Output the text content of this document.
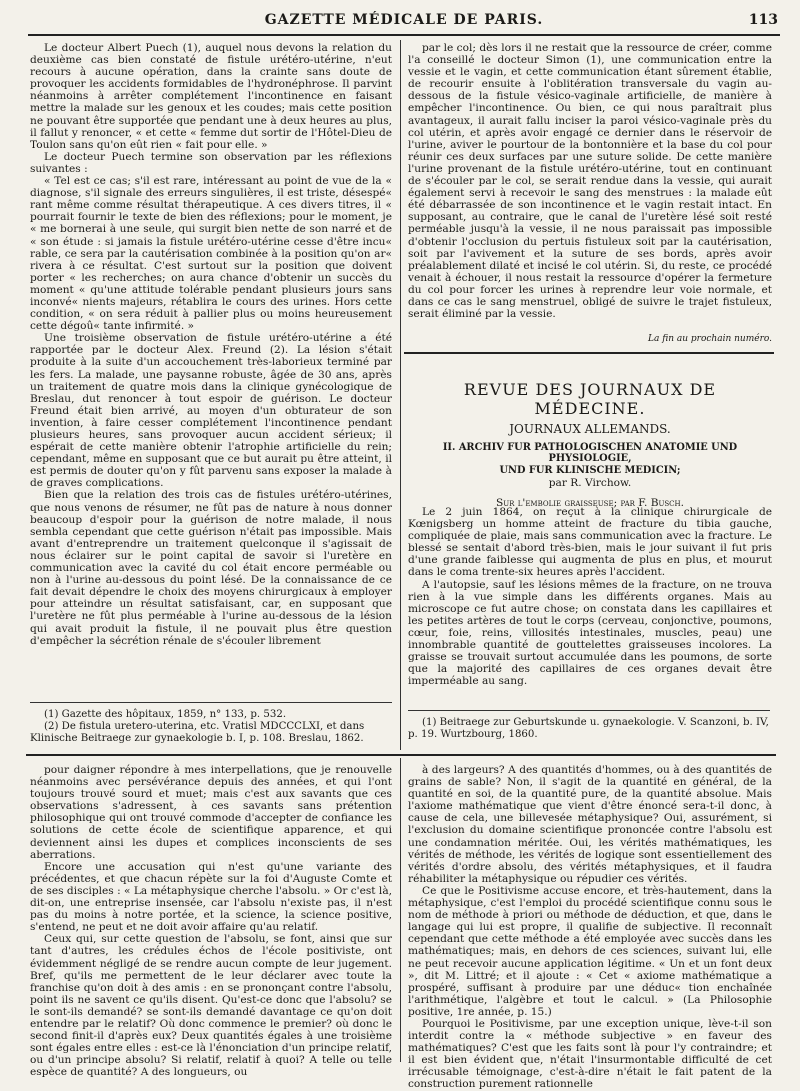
GAZETTE MÉDICALE DE PARIS.	113

Le docteur Albert Puech (1), auquel nous devons la relation du deuxième cas bien constaté de fistule urétéro-utérine, n'eut recours à aucune opération, dans la crainte sans doute de provoquer les accidents formidables de l'hydronéphrose. Il parvint néanmoins à arrêter complétement l'incontinence en faisant mettre la malade sur les genoux et les coudes; mais cette position ne pouvant être supportée que pendant une à deux heures au plus, il fallut y renoncer, « et cette « femme dut sortir de l'Hôtel-Dieu de Toulon sans qu'on eût rien « fait pour elle. »

Le docteur Puech termine son observation par les réflexions suivantes :

« Tel est ce cas; s'il est rare, intéressant au point de vue de la « diagnose, s'il signale des erreurs singulières, il est triste, désespé« rant même comme résultat thérapeutique. A ces divers titres, il « pourrait fournir le texte de bien des réflexions; pour le moment, je « me bornerai à une seule, qui surgit bien nette de son narré et de « son étude : si jamais la fistule urétéro-utérine cesse d'être incu« rable, ce sera par la cautérisation combinée à la position qu'on ar« rivera à ce résultat. C'est surtout sur la position que doivent porter « les recherches; on aura chance d'obtenir un succès du moment « qu'une attitude tolérable pendant plusieurs jours sans inconvé« nients majeurs, rétablira le cours des urines. Hors cette condition, « on sera réduit à pallier plus ou moins heureusement cette dégoû« tante infirmité. »

Une troisième observation de fistule urétéro-utérine a été rapportée par le docteur Alex. Freund (2). La lésion s'était produite à la suite d'un accouchement très-laborieux terminé par les fers. La malade, une paysanne robuste, âgée de 30 ans, après un traitement de quatre mois dans la clinique gynécologique de Breslau, dut renoncer à tout espoir de guérison. Le docteur Freund était bien arrivé, au moyen d'un obturateur de son invention, à faire cesser complétement l'incontinence pendant plusieurs heures, sans provoquer aucun accident sérieux; il espérait de cette manière obtenir l'atrophie artificielle du rein; cependant, même en supposant que ce but aurait pu être atteint, il est permis de douter qu'on y fût parvenu sans exposer la malade à de graves complications.

Bien que la relation des trois cas de fistules urétéro-utérines, que nous venons de résumer, ne fût pas de nature à nous donner beaucoup d'espoir pour la guérison de notre malade, il nous sembla cependant que cette guérison n'était pas impossible. Mais avant d'entreprendre un traitement quelconque il s'agissait de nous éclairer sur le point capital de savoir si l'uretère en communication avec la cavité du col était encore perméable ou non à l'urine au-dessous du point lésé. De la connaissance de ce fait devait dépendre le choix des moyens chirurgicaux à employer pour atteindre un résultat satisfaisant, car, en supposant que l'uretère ne fût plus perméable à l'urine au-dessous de la lésion qui avait produit la fistule, il ne pouvait plus être question d'empêcher la sécrétion rénale de s'écouler librement

par le col; dès lors il ne restait que la ressource de créer, comme l'a conseillé le docteur Simon (1), une communication entre la vessie et le vagin, et cette communication étant sûrement établie, de recourir ensuite à l'oblitération transversale du vagin au-dessous de la fistule vésico-vaginale artificielle, de manière à empêcher l'incontinence. Ou bien, ce qui nous paraîtrait plus avantageux, il aurait fallu inciser la paroi vésico-vaginale près du col utérin, et après avoir engagé ce dernier dans le réservoir de l'urine, aviver le pourtour de la bontonnière et la base du col pour réunir ces deux surfaces par une suture solide. De cette manière l'urine provenant de la fistule urétéro-utérine, tout en continuant de s'écouler par le col, se serait rendue dans la vessie, qui aurait également servi à recevoir le sang des menstrues : la malade eût été débarrassée de son incontinence et le vagin restait intact. En supposant, au contraire, que le canal de l'uretère lésé soit resté perméable jusqu'à la vessie, il ne nous paraissait pas impossible d'obtenir l'occlusion du pertuis fistuleux soit par la cautérisation, soit par l'avivement et la suture de ses bords, après avoir préalablement dilaté et incisé le col utérin. Si, du reste, ce procédé venait à échouer, il nous restait la ressource d'opérer la fermeture du col pour forcer les urines à reprendre leur voie normale, et dans ce cas le sang menstruel, obligé de suivre le trajet fistuleux, serait éliminé par la vessie.

La fin au prochain numéro.
REVUE DES JOURNAUX DE MÉDECINE.
JOURNAUX ALLEMANDS.
II. ARCHIV FUR PATHOLOGISCHEN ANATOMIE UND PHYSIOLOGIE,
UND FUR KLINISCHE MEDICIN;
par R. Virchow.
Sur l'embolie graisseuse; par F. Busch.

Le 2 juin 1864, on reçut à la clinique chirurgicale de Kœnigsberg un homme atteint de fracture du tibia gauche, compliquée de plaie, mais sans communication avec la fracture. Le blessé se sentait d'abord très-bien, mais le jour suivant il fut pris d'une grande faiblesse qui augmenta de plus en plus, et mourut dans le coma trente-six heures après l'accident.

A l'autopsie, sauf les lésions mêmes de la fracture, on ne trouva rien à la vue simple dans les différents organes. Mais au microscope ce fut autre chose; on constata dans les capillaires et les petites artères de tout le corps (cerveau, conjonctive, poumons, cœur, foie, reins, villosités intestinales, muscles, peau) une innombrable quantité de gouttelettes graisseuses incolores. La graisse se trouvait surtout accumulée dans les poumons, de sorte que la majorité des capillaires de ces organes devait être imperméable au sang.

(1) Gazette des hôpitaux, 1859, n° 133, p. 532.

(2) De fistula uretero-uterina, etc. Vratisl MDCCCLXI, et dans Klinische Beitraege zur gynaekologie b. I, p. 108. Breslau, 1862.

(1) Beitraege zur Geburtskunde u. gynaekologie. V. Scanzoni, b. IV, p. 19. Wurtzbourg, 1860.

pour daigner répondre à mes interpellations, que je renouvelle néanmoins avec persévérance depuis des années, et qui l'ont toujours trouvé sourd et muet; mais c'est aux savants que ces observations s'adressent, à ces savants sans prétention philosophique qui ont trouvé commode d'accepter de confiance les solutions de cette école de scientifique apparence, et qui deviennent ainsi les dupes et complices inconscients de ses aberrations.

Encore une accusation qui n'est qu'une variante des précédentes, et que chacun répète sur la foi d'Auguste Comte et de ses disciples : « La métaphysique cherche l'absolu. » Or c'est là, dit-on, une entreprise insensée, car l'absolu n'existe pas, il n'est pas du moins à notre portée, et la science, la science positive, s'entend, ne peut et ne doit avoir affaire qu'au relatif.

Ceux qui, sur cette question de l'absolu, se font, ainsi que sur tant d'autres, les crédules échos de l'école positiviste, ont évidemment négligé de se rendre aucun compte de leur jugement. Bref, qu'ils me permettent de le leur déclarer avec toute la franchise qu'on doit à des amis : en se prononçant contre l'absolu, point ils ne savent ce qu'ils disent. Qu'est-ce donc que l'absolu? se le sont-ils demandé? se sont-ils demandé davantage ce qu'on doit entendre par le relatif? Où donc commence le premier? où donc le second finit-il d'après eux? Deux quantités égales à une troisième sont égales entre elles : est-ce là l'énonciation d'un principe relatif, ou d'un principe absolu? Si relatif, relatif à quoi? A telle ou telle espèce de quantité? A des longueurs, ou

à des largeurs? A des quantités d'hommes, ou à des quantités de grains de sable? Non, il s'agit de la quantité en général, de la quantité en soi, de la quantité pure, de la quantité absolue. Mais l'axiome mathématique que vient d'être énoncé sera-t-il donc, à cause de cela, une billevesée métaphysique? Oui, assurément, si l'exclusion du domaine scientifique prononcée contre l'absolu est une condamnation méritée. Oui, les vérités mathématiques, les vérités de méthode, les vérités de logique sont essentiellement des vérités d'ordre absolu, des vérités métaphysiques, et il faudra réhabiliter la métaphysique ou répudier ces vérités.

Ce que le Positivisme accuse encore, et très-hautement, dans la métaphysique, c'est l'emploi du procédé scientifique connu sous le nom de méthode à priori ou méthode de déduction, et que, dans le langage qui lui est propre, il qualifie de subjective. Il reconnaît cependant que cette méthode a été employée avec succès dans les mathématiques; mais, en dehors de ces sciences, suivant lui, elle ne peut recevoir aucune application légitime. « Un et un font deux », dit M. Littré; et il ajoute : « Cet « axiome mathématique a prospéré, suffisant à produire par une déduc« tion enchaînée l'arithmétique, l'algèbre et tout le calcul. » (La Philosophie positive, 1re année, p. 15.)

Pourquoi le Positivisme, par une exception unique, lève-t-il son interdit contre la « méthode subjective » en faveur des mathématiques? C'est que les faits sont là pour l'y contraindre; et il est bien évident que, n'était l'insurmontable difficulté de cet irrécusable témoignage, c'est-à-dire n'était le fait patent de la construction purement rationnelle
